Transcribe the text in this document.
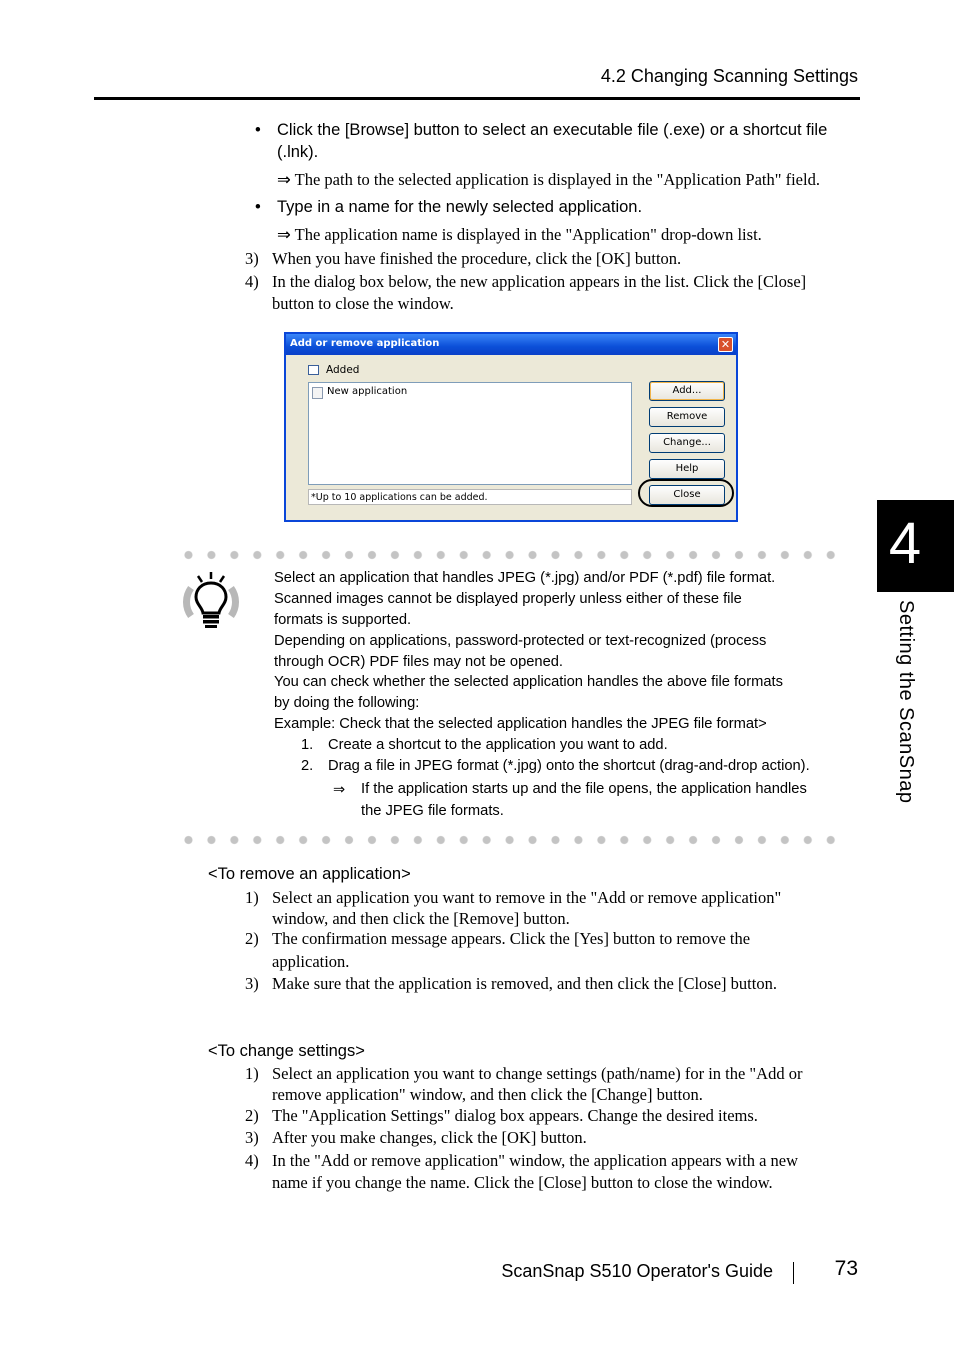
4.2 Changing Scanning Settings
4
Setting the ScanSnap
• Click the [Browse] button to select an executable file (.exe) or a shortcut file
(.lnk).
⇒ The path to the selected application is displayed in the "Application Path" field.
• Type in a name for the newly selected application.
⇒ The application name is displayed in the "Application" drop-down list.
3) When you have finished the procedure, click the [OK] button.
4) In the dialog box below, the new application appears in the list. Click the [Close]
button to close the window.
Add or remove application	✕
Added
New application
*Up to 10 applications can be added.
Add...
Remove
Change...
Help
Close
Select an application that handles JPEG (*.jpg) and/or PDF (*.pdf) file format.
Scanned images cannot be displayed properly unless either of these file
formats is supported.
Depending on applications, password-protected or text-recognized (process
through OCR) PDF files may not be opened.
You can check whether the selected application handles the above file formats
by doing the following:
Example: Check that the selected application handles the JPEG file format>
1. Create a shortcut to the application you want to add.
2. Drag a file in JPEG format (*.jpg) onto the shortcut (drag-and-drop action).
⇒ If the application starts up and the file opens, the application handles
the JPEG file formats.
<To remove an application>
1) Select an application you want to remove in the "Add or remove application"
window, and then click the [Remove] button.
2) The confirmation message appears. Click the [Yes] button to remove the
application.
3) Make sure that the application is removed, and then click the [Close] button.
<To change settings>
1) Select an application you want to change settings (path/name) for in the "Add or
remove application" window, and then click the [Change] button.
2) The "Application Settings" dialog box appears. Change the desired items.
3) After you make changes, click the [OK] button.
4) In the "Add or remove application" window, the application appears with a new
name if you change the name. Click the [Close] button to close the window.
ScanSnap S510 Operator's Guide	73
